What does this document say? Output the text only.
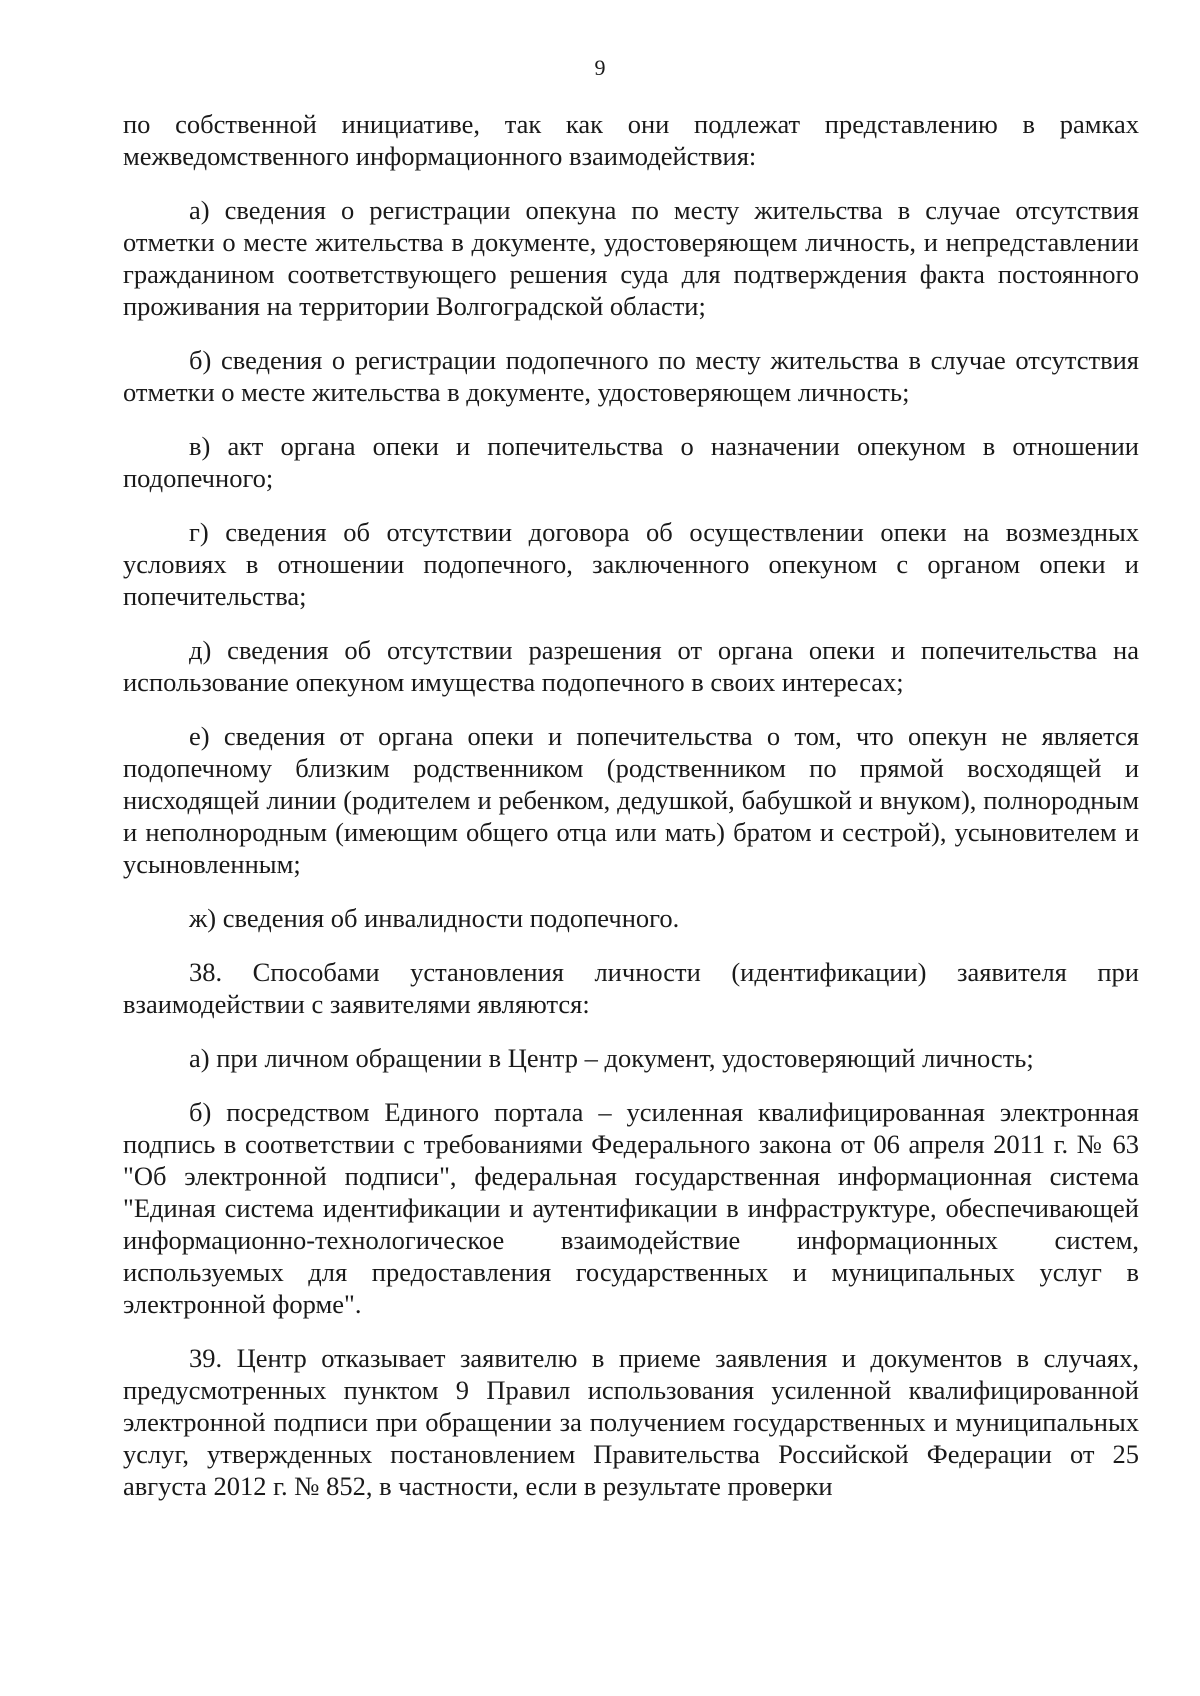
9

по собственной инициативе, так как они подлежат представлению в рамках межведомственного информационного взаимодействия:

а) сведения о регистрации опекуна по месту жительства в случае отсутствия отметки о месте жительства в документе, удостоверяющем личность, и непредставлении гражданином соответствующего решения суда для подтверждения факта постоянного проживания на территории Волгоградской области;

б) сведения о регистрации подопечного по месту жительства в случае отсутствия отметки о месте жительства в документе, удостоверяющем личность;

в) акт органа опеки и попечительства о назначении опекуном в отношении подопечного;

г) сведения об отсутствии договора об осуществлении опеки на возмездных условиях в отношении подопечного, заключенного опекуном с органом опеки и попечительства;

д) сведения об отсутствии разрешения от органа опеки и попечительства на использование опекуном имущества подопечного в своих интересах;

е) сведения от органа опеки и попечительства о том, что опекун не является подопечному близким родственником (родственником по прямой восходящей и нисходящей линии (родителем и ребенком, дедушкой, бабушкой и внуком), полнородным и неполнородным (имеющим общего отца или мать) братом и сестрой), усыновителем и усыновленным;

ж) сведения об инвалидности подопечного.

38. Способами установления личности (идентификации) заявителя при взаимодействии с заявителями являются:

а) при личном обращении в Центр – документ, удостоверяющий личность;

б) посредством Единого портала – усиленная квалифицированная электронная подпись в соответствии с требованиями Федерального закона от 06 апреля 2011 г. № 63 "Об электронной подписи", федеральная государственная информационная система "Единая система идентификации и аутентификации в инфраструктуре, обеспечивающей информационно-технологическое взаимодействие информационных систем, используемых для предоставления государственных и муниципальных услуг в электронной форме".

39. Центр отказывает заявителю в приеме заявления и документов в случаях, предусмотренных пунктом 9 Правил использования усиленной квалифицированной электронной подписи при обращении за получением государственных и муниципальных услуг, утвержденных постановлением Правительства Российской Федерации от 25 августа 2012 г. № 852, в частности, если в результате проверки
